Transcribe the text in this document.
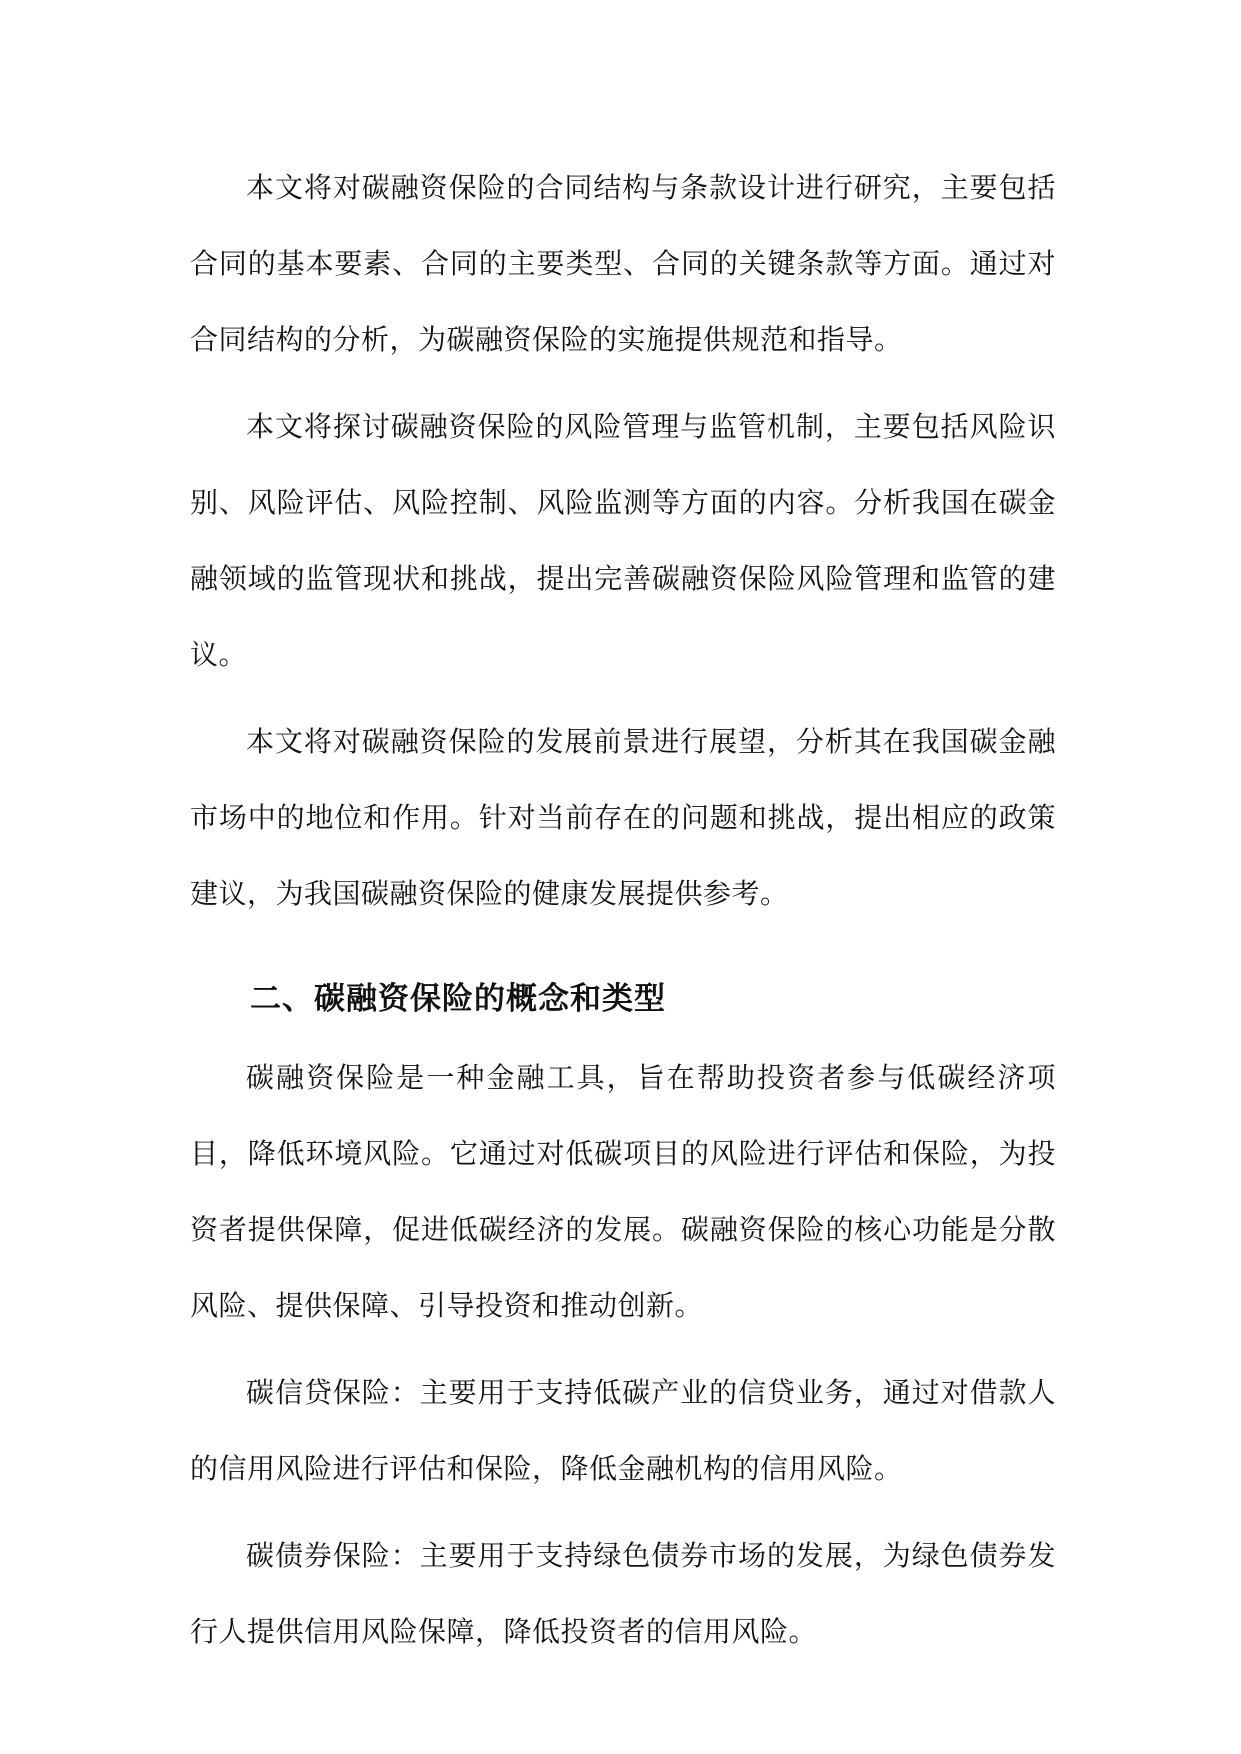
本文将对碳融资保险的合同结构与条款设计进行研究，主要包括合同的基本要素、合同的主要类型、合同的关键条款等方面。通过对合同结构的分析，为碳融资保险的实施提供规范和指导。

本文将探讨碳融资保险的风险管理与监管机制，主要包括风险识别、风险评估、风险控制、风险监测等方面的内容。分析我国在碳金融领域的监管现状和挑战，提出完善碳融资保险风险管理和监管的建议。

本文将对碳融资保险的发展前景进行展望，分析其在我国碳金融市场中的地位和作用。针对当前存在的问题和挑战，提出相应的政策建议，为我国碳融资保险的健康发展提供参考。

二、碳融资保险的概念和类型

碳融资保险是一种金融工具，旨在帮助投资者参与低碳经济项目，降低环境风险。它通过对低碳项目的风险进行评估和保险，为投资者提供保障，促进低碳经济的发展。碳融资保险的核心功能是分散风险、提供保障、引导投资和推动创新。

碳信贷保险：主要用于支持低碳产业的信贷业务，通过对借款人的信用风险进行评估和保险，降低金融机构的信用风险。

碳债券保险：主要用于支持绿色债券市场的发展，为绿色债券发行人提供信用风险保障，降低投资者的信用风险。
